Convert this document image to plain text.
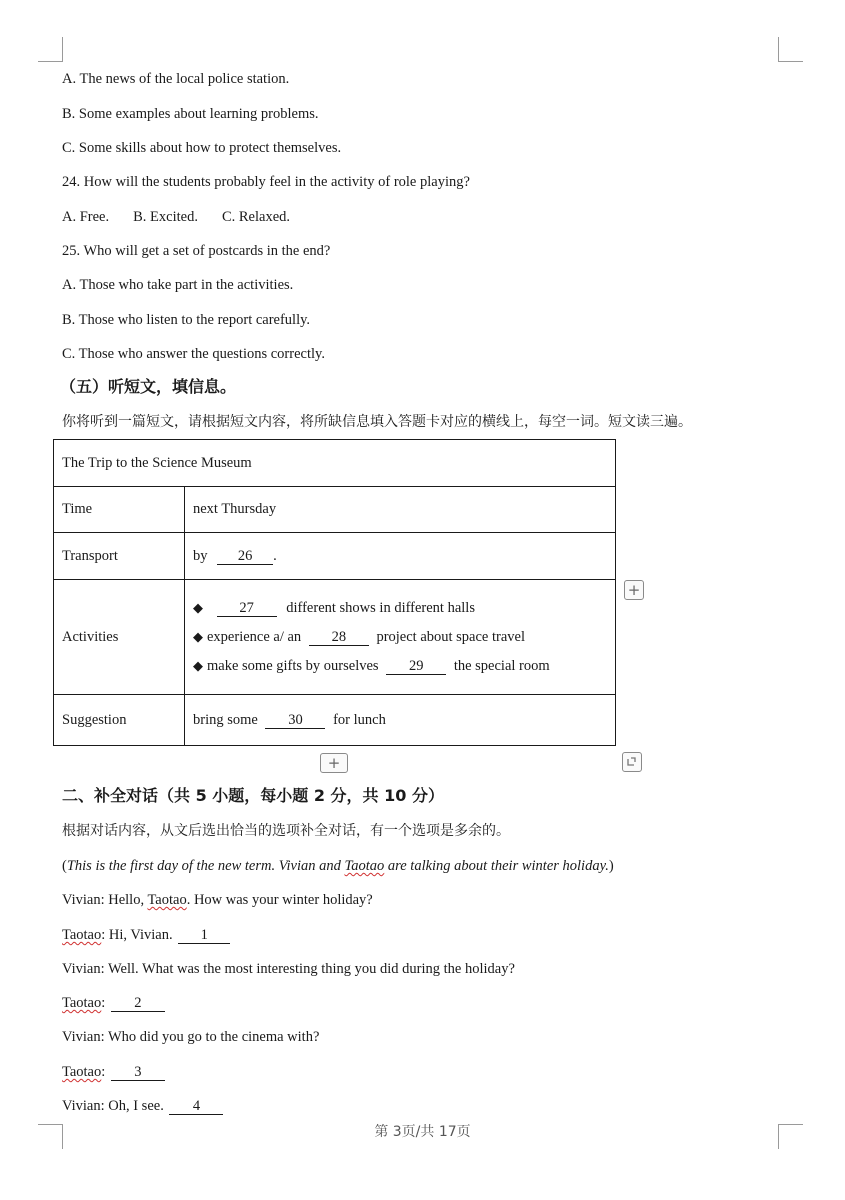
A. The news of the local police station.
B. Some examples about learning problems.
C. Some skills about how to protect themselves.
24. How will the students probably feel in the activity of role playing?
A. Free. B. Excited. C. Relaxed.
25. Who will get a set of postcards in the end?
A. Those who take part in the activities.
B. Those who listen to the report carefully.
C. Those who answer the questions correctly.
（五）听短文，填信息。
你将听到一篇短文，请根据短文内容，将所缺信息填入答题卡对应的横线上，每空一词。短文读三遍。
The Trip to the Science Museum	
Time	next Thursday
Transport	by 26 .
Activities	◆ 27 different shows in different halls
◆ experience a/ an 28 project about space travel
◆ make some gifts by ourselves 29 the special room

Suggestion	bring some 30 for lunch
+
+
二、补全对话（共 5 小题，每小题 2 分，共 10 分）
根据对话内容，从文后选出恰当的选项补全对话，有一个选项是多余的。
(This is the first day of the new term. Vivian and Taotao are talking about their winter holiday.)
Vivian: Hello, Taotao. How was your winter holiday?
Taotao: Hi, Vivian. 1
Vivian: Well. What was the most interesting thing you did during the holiday?
Taotao: 2
Vivian: Who did you go to the cinema with?
Taotao: 3
Vivian: Oh, I see. 4
第 3页/共 17页
